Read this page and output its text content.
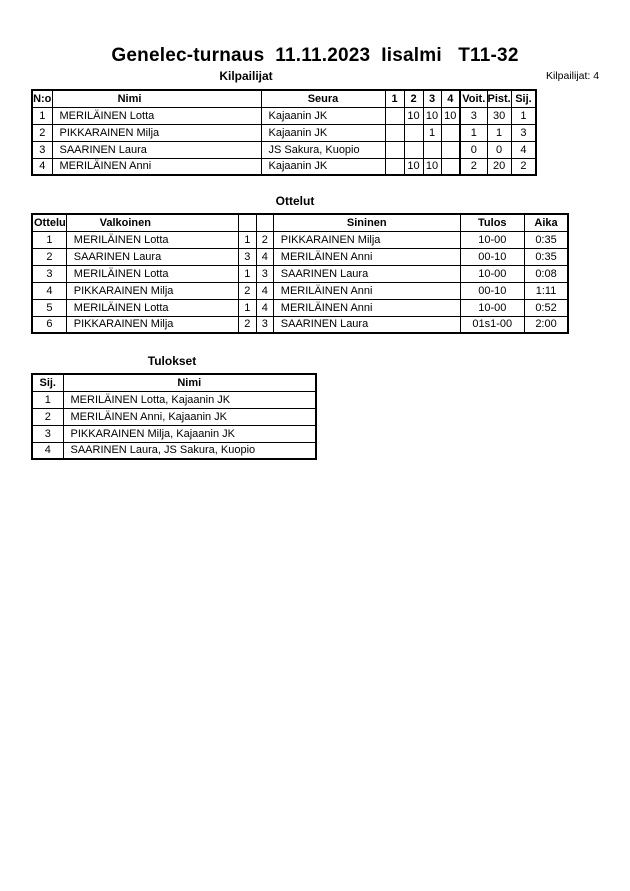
Genelec-turnaus  11.11.2023  Iisalmi   T11-32
Kilpailijat	Kilpailijat: 4
N:o	Nimi	Seura	1	2	3	4	Voit.	Pist.	Sij.
1	MERILÄINEN Lotta	Kajaanin JK		10	10	10	3	30	1
2	PIKKARAINEN Milja	Kajaanin JK			1		1	1	3
3	SAARINEN Laura	JS Sakura, Kuopio					0	0	4
4	MERILÄINEN Anni	Kajaanin JK		10	10		2	20	2
Ottelut
Ottelu	Valkoinen			Sininen	Tulos	Aika
1	MERILÄINEN Lotta	1	2	PIKKARAINEN Milja	10-00	0:35
2	SAARINEN Laura	3	4	MERILÄINEN Anni	00-10	0:35
3	MERILÄINEN Lotta	1	3	SAARINEN Laura	10-00	0:08
4	PIKKARAINEN Milja	2	4	MERILÄINEN Anni	00-10	1:11
5	MERILÄINEN Lotta	1	4	MERILÄINEN Anni	10-00	0:52
6	PIKKARAINEN Milja	2	3	SAARINEN Laura	01s1-00	2:00
Tulokset
Sij.	Nimi
1	MERILÄINEN Lotta, Kajaanin JK
2	MERILÄINEN Anni, Kajaanin JK
3	PIKKARAINEN Milja, Kajaanin JK
4	SAARINEN Laura, JS Sakura, Kuopio
